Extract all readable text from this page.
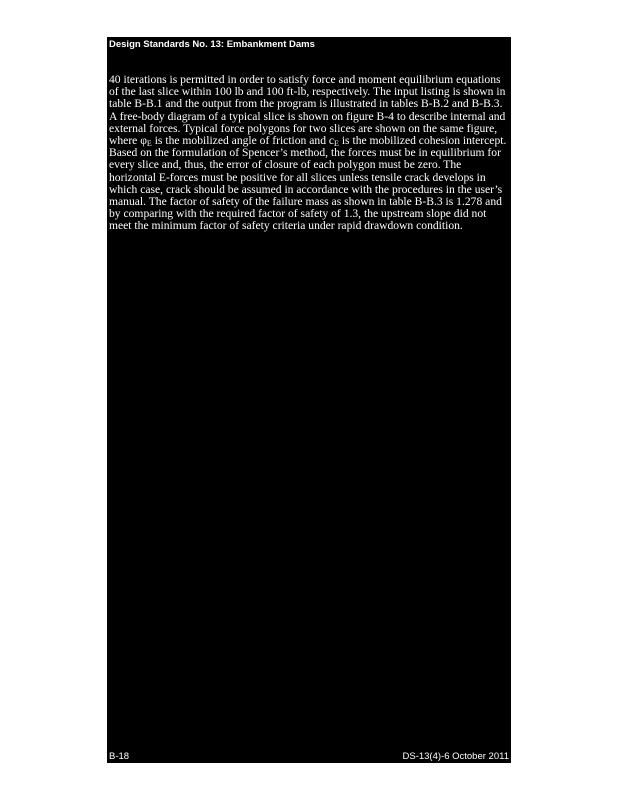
Design Standards No. 13: Embankment Dams
40 iterations is permitted in order to satisfy force and moment equilibrium equations of the last slice within 100 lb and 100 ft-lb, respectively. The input listing is shown in table B-B.1 and the output from the program is illustrated in tables B-B.2 and B-B.3. A free-body diagram of a typical slice is shown on figure B-4 to describe internal and external forces. Typical force polygons for two slices are shown on the same figure, where $\varphi_E$ is the mobilized angle of friction and $c_E$ is the mobilized cohesion intercept. Based on the formulation of Spencer’s method, the forces must be in equilibrium for every slice and, thus, the error of closure of each polygon must be zero. The horizontal E-forces must be positive for all slices unless tensile crack develops in which case, crack should be assumed in accordance with the procedures in the user’s manual. The factor of safety of the failure mass as shown in table B-B.3 is 1.278 and by comparing with the required factor of safety of 1.3, the upstream slope did not meet the minimum factor of safety criteria under rapid drawdown condition.
B-18	DS-13(4)-6 October 2011
